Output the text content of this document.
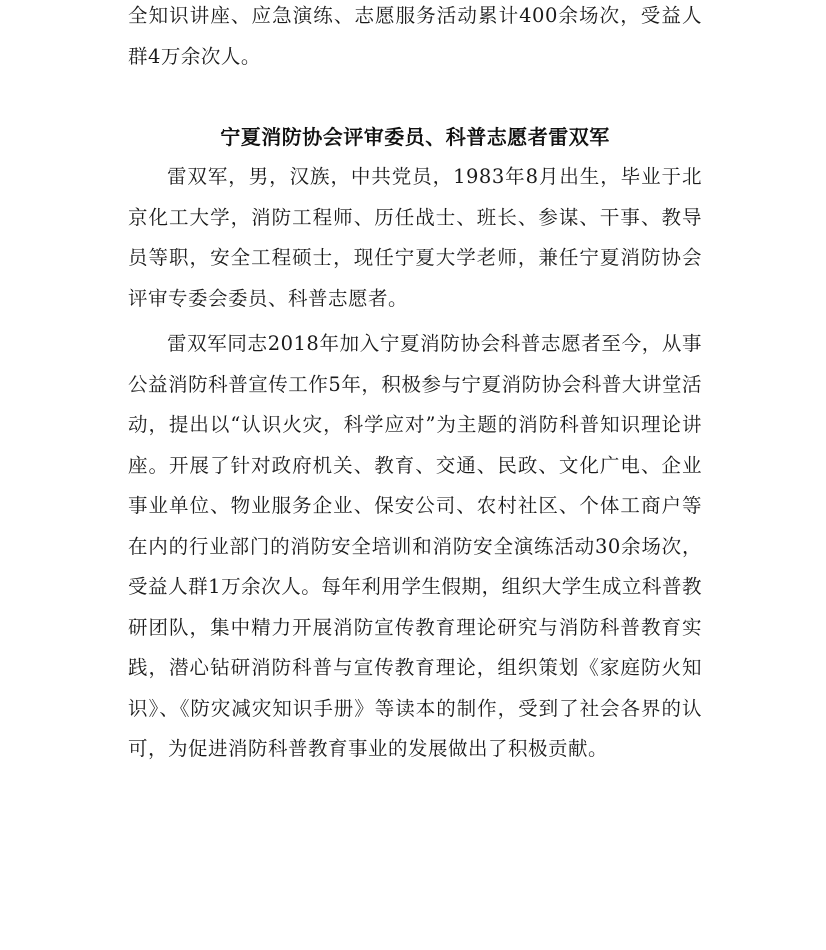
全知识讲座、应急演练、志愿服务活动累计400余场次，受益人群4万余次人。
宁夏消防协会评审委员、科普志愿者雷双军

雷双军，男，汉族，中共党员，1983年8月出生，毕业于北京化工大学，消防工程师、历任战士、班长、参谋、干事、教导员等职，安全工程硕士，现任宁夏大学老师，兼任宁夏消防协会评审专委会委员、科普志愿者。

雷双军同志2018年加入宁夏消防协会科普志愿者至今，从事公益消防科普宣传工作5年，积极参与宁夏消防协会科普大讲堂活动，提出以“认识火灾，科学应对”为主题的消防科普知识理论讲座。开展了针对政府机关、教育、交通、民政、文化广电、企业事业单位、物业服务企业、保安公司、农村社区、个体工商户等在内的行业部门的消防安全培训和消防安全演练活动30余场次，受益人群1万余次人。每年利用学生假期，组织大学生成立科普教研团队，集中精力开展消防宣传教育理论研究与消防科普教育实践，潜心钻研消防科普与宣传教育理论，组织策划《家庭防火知识》、《防灾减灾知识手册》等读本的制作，受到了社会各界的认可，为促进消防科普教育事业的发展做出了积极贡献。
